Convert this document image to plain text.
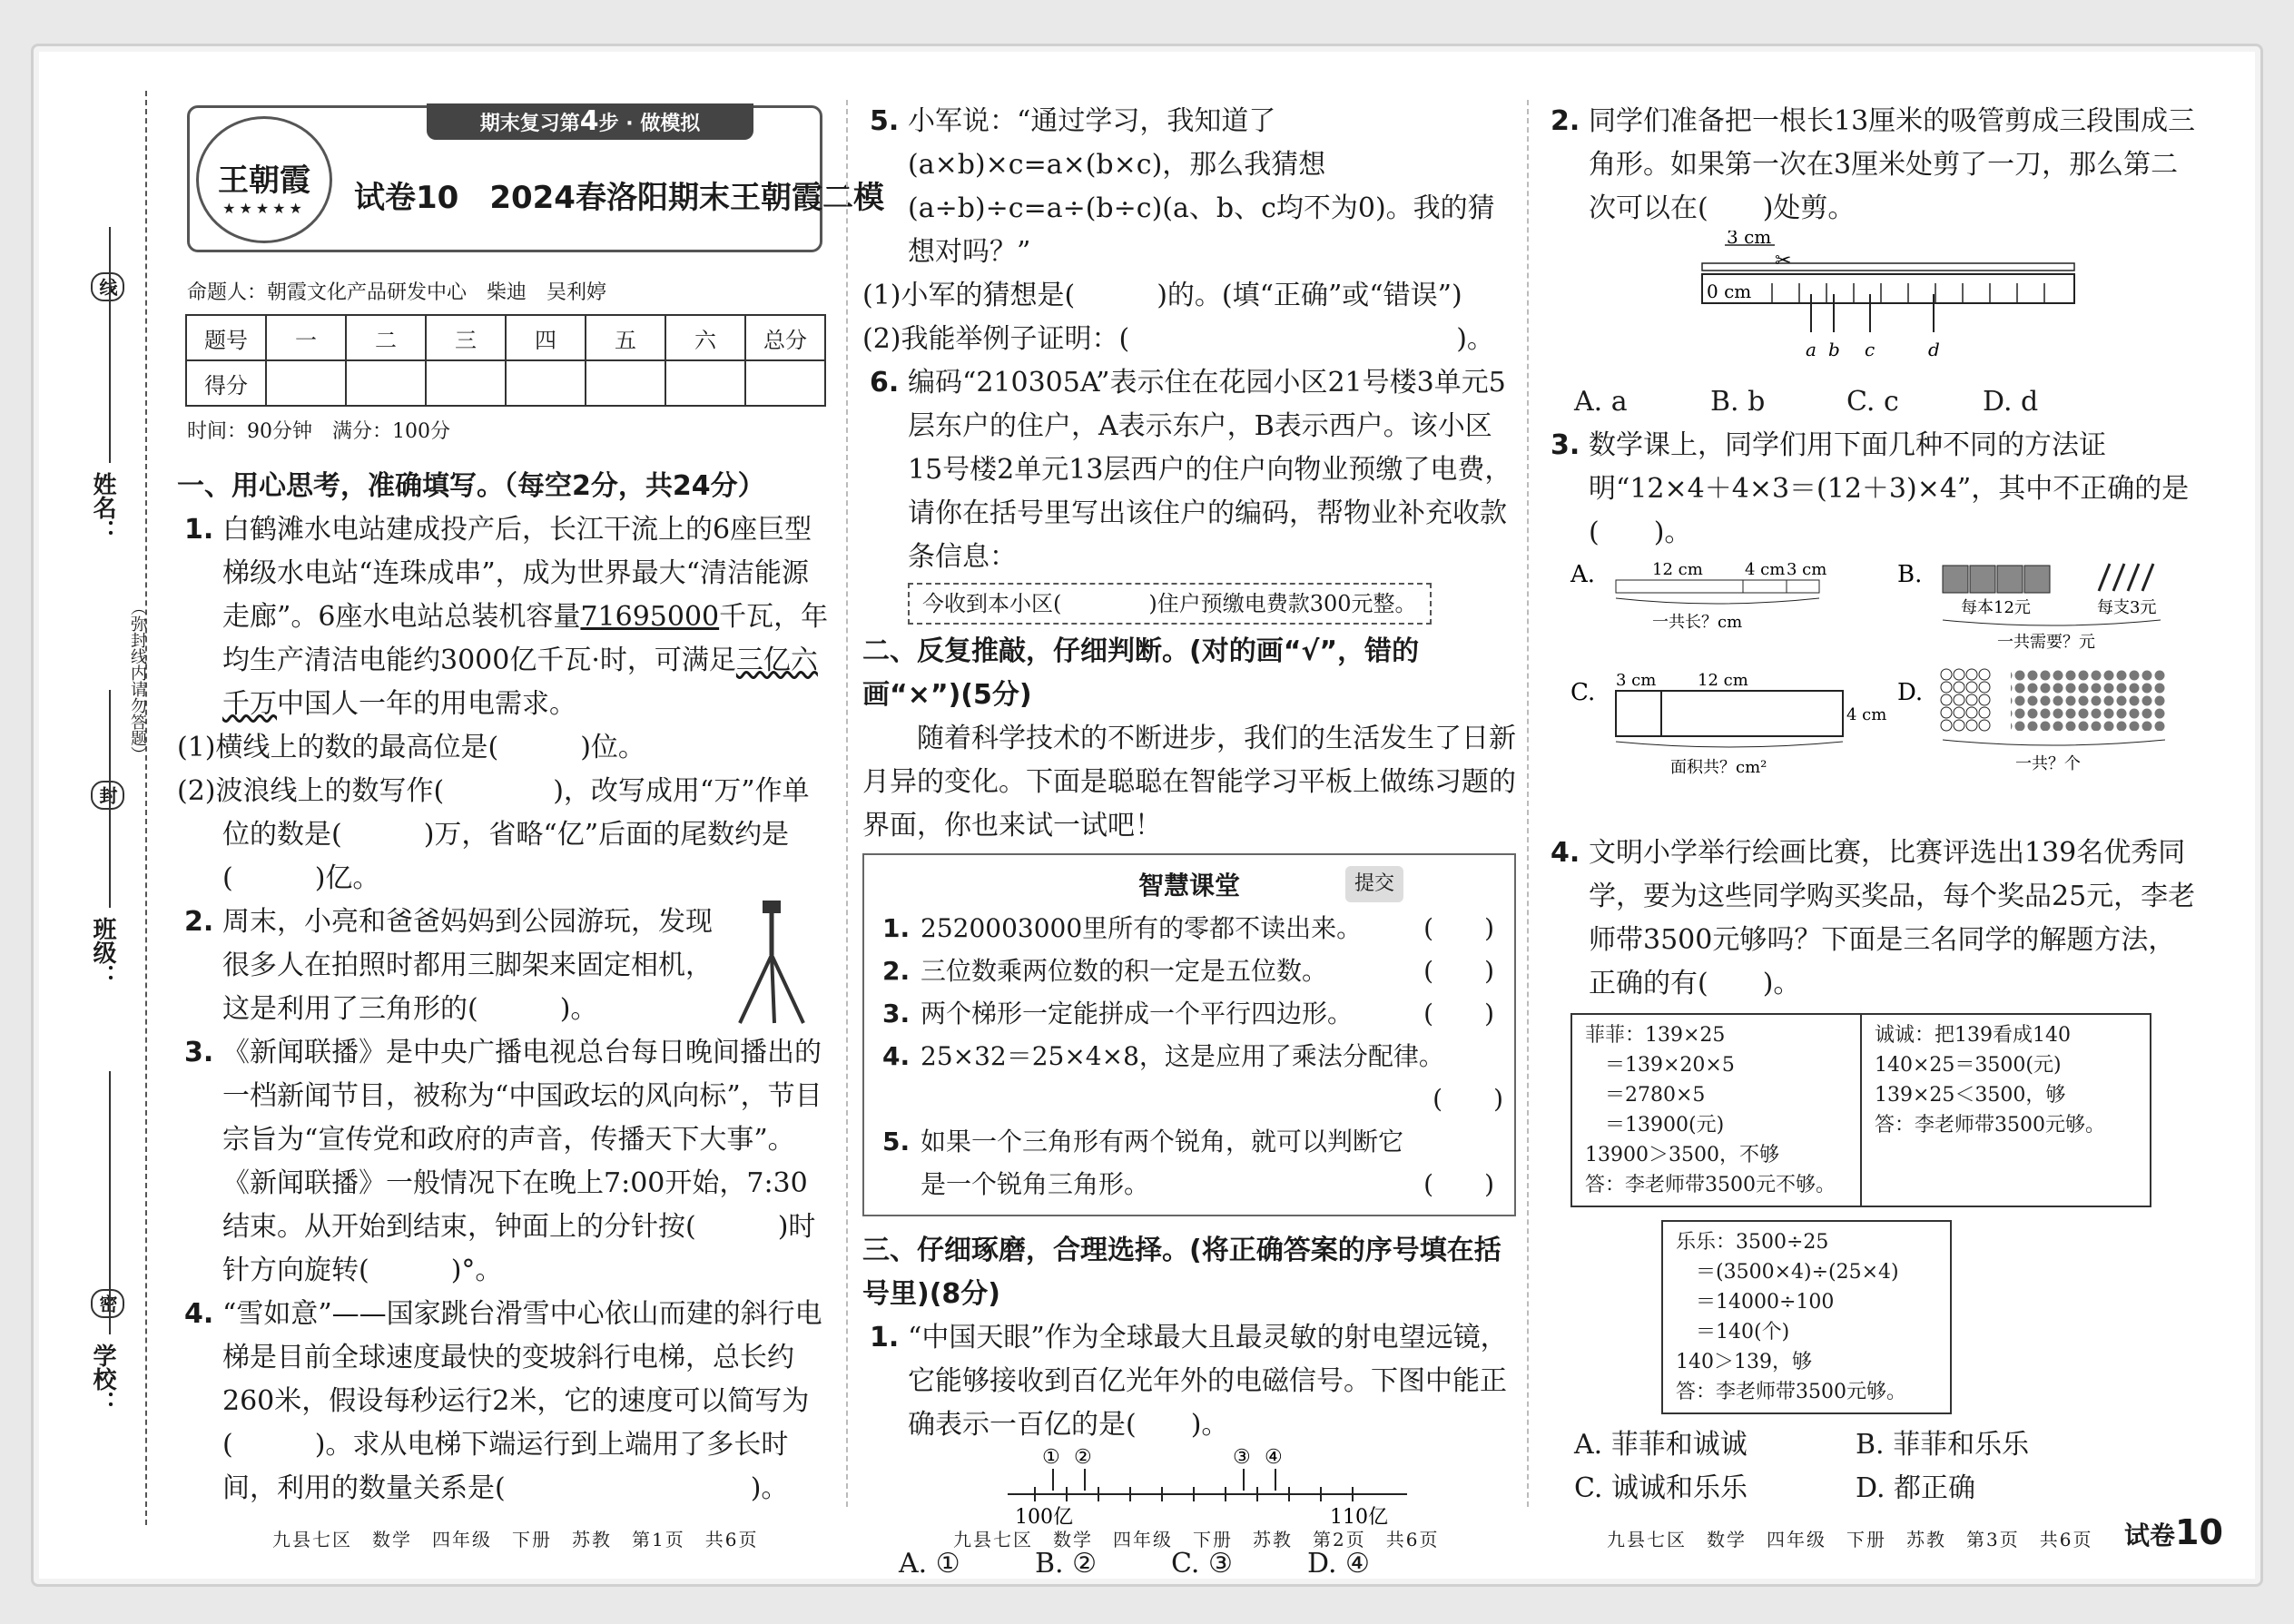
线
封
密
（弥封线内请勿答题）
姓名：
班级：
学校：
期末复习第4步 · 做模拟
王朝霞
★★★★★	试卷10　2024春洛阳期末王朝霞二模
命题人：朝霞文化产品研发中心　柴迪　吴利婷
题号	一	二	三	四	五	六	总分
得分							
时间：90分钟　满分：100分
一、用心思考，准确填写。（每空2分，共24分）
1. 白鹤滩水电站建成投产后，长江干流上的6座巨型梯级水电站“连珠成串”，成为世界最大“清洁能源走廊”。6座水电站总装机容量71695000千瓦，年均生产清洁电能约3000亿千瓦·时，可满足三亿六千万中国人一年的用电需求。
(1)横线上的数的最高位是(　　　)位。
(2)波浪线上的数写作(　　　　)，改写成用“万”作单位的数是(　　　)万，省略“亿”后面的尾数约是(　　　)亿。
2. 周末，小亮和爸爸妈妈到公园游玩，发现很多人在拍照时都用三脚架来固定相机，这是利用了三角形的(　　　)。
3. 《新闻联播》是中央广播电视总台每日晚间播出的一档新闻节目，被称为“中国政坛的风向标”，节目宗旨为“宣传党和政府的声音，传播天下大事”。《新闻联播》一般情况下在晚上7:00开始，7:30结束。从开始到结束，钟面上的分针按(　　　)时针方向旋转(　　　)°。
4. “雪如意”——国家跳台滑雪中心依山而建的斜行电梯是目前全球速度最快的变坡斜行电梯，总长约260米，假设每秒运行2米，它的速度可以简写为(　　　)。求从电梯下端运行到上端用了多长时间，利用的数量关系是(　　　　　　　　　)。
5. 小军说：“通过学习，我知道了(a×b)×c=a×(b×c)，那么我猜想(a÷b)÷c=a÷(b÷c)(a、b、c均不为0)。我的猜想对吗？”
(1)小军的猜想是(　　　)的。(填“正确”或“错误”)
(2)我能举例子证明：(　　　　　　　　　　　　)。
6. 编码“210305A”表示住在花园小区21号楼3单元5层东户的住户，A表示东户，B表示西户。该小区15号楼2单元13层西户的住户向物业预缴了电费，请你在括号里写出该住户的编码，帮物业补充收款条信息：
今收到本小区(　　　　)住户预缴电费款300元整。
二、反复推敲，仔细判断。(对的画“√”，错的画“×”)(5分)
随着科学技术的不断进步，我们的生活发生了日新月异的变化。下面是聪聪在智能学习平板上做练习题的界面，你也来试一试吧！
智慧课堂	提交
1. 2520003000里所有的零都不读出来。 (　　)
2. 三位数乘两位数的积一定是五位数。	(　　)
3. 两个梯形一定能拼成一个平行四边形。	(　　)
4. 25×32＝25×4×8，这是应用了乘法分配律。
(　　)
5. 如果一个三角形有两个锐角，就可以判断它是一个锐角三角形。	(　　)
三、仔细琢磨，合理选择。(将正确答案的序号填在括号里)(8分)
1. “中国天眼”作为全球最大且最灵敏的射电望远镜，它能够接收到百亿光年外的电磁信号。下图中能正确表示一百亿的是(　　)。
① ②	③ ④
100亿	110亿
A. ①	B. ②	C. ③	D. ④
2. 同学们准备把一根长13厘米的吸管剪成三段围成三角形。如果第一次在3厘米处剪了一刀，那么第二次可以在(　　)处剪。
3 cm
0 cm
✂
a b c	d
A. a	B. b	C. c	D. d
3. 数学课上，同学们用下面几种不同的方法证明“12×4＋4×3＝(12＋3)×4”，其中不正确的是(　　)。
A.	12 cm	4 cm 3 cm
一共长？cm
B.
每本12元	每支3元
一共需要？元
C. 3 cm	12 cm
4 cm
面积共？cm²
D.
一共？个
4. 文明小学举行绘画比赛，比赛评选出139名优秀同学，要为这些同学购买奖品，每个奖品25元，李老师带3500元够吗？下面是三名同学的解题方法，正确的有(　　)。
菲菲：139×25
　＝139×20×5
　＝2780×5
　＝13900(元)
13900＞3500，不够
答：李老师带3500元不够。
诚诚：把139看成140
140×25＝3500(元)
139×25＜3500，够
答：李老师带3500元够。
乐乐：3500÷25
　＝(3500×4)÷(25×4)
　＝14000÷100
　＝140(个)
140＞139，够
答：李老师带3500元够。
A. 菲菲和诚诚	B. 菲菲和乐乐
C. 诚诚和乐乐	D. 都正确
九县七区　数学　四年级　下册　苏教　第1页　共6页	九县七区　数学　四年级　下册　苏教　第2页　共6页	九县七区　数学　四年级　下册　苏教　第3页　共6页 试卷10
